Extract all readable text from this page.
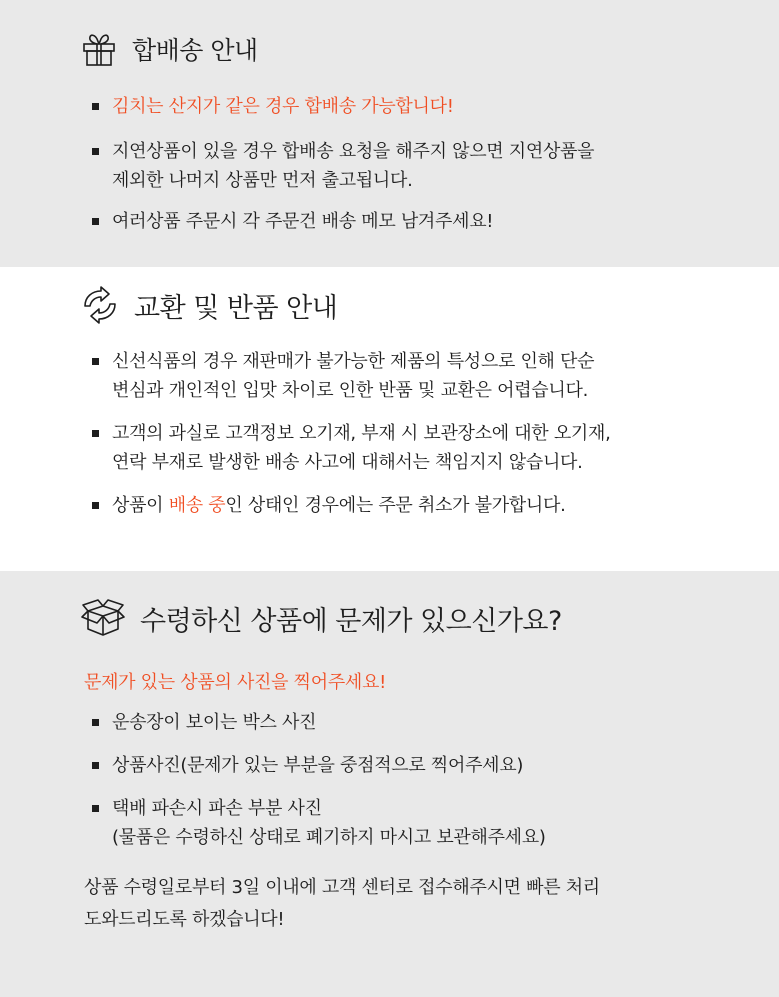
합배송 안내
김치는 산지가 같은 경우 합배송 가능합니다!
지연상품이 있을 경우 합배송 요청을 해주지 않으면 지연상품을
제외한 나머지 상품만 먼저 출고됩니다.
여러상품 주문시 각 주문건 배송 메모 남겨주세요!
교환 및 반품 안내
신선식품의 경우 재판매가 불가능한 제품의 특성으로 인해 단순
변심과 개인적인 입맛 차이로 인한 반품 및 교환은 어렵습니다.
고객의 과실로 고객정보 오기재, 부재 시 보관장소에 대한 오기재,
연락 부재로 발생한 배송 사고에 대해서는 책임지지 않습니다.
상품이 배송 중인 상태인 경우에는 주문 취소가 불가합니다.
수령하신 상품에 문제가 있으신가요?
문제가 있는 상품의 사진을 찍어주세요!
운송장이 보이는 박스 사진
상품사진(문제가 있는 부분을 중점적으로 찍어주세요)
택배 파손시 파손 부분 사진
(물품은 수령하신 상태로 폐기하지 마시고 보관해주세요)
상품 수령일로부터 3일 이내에 고객 센터로 접수해주시면 빠른 처리
도와드리도록 하겠습니다!
